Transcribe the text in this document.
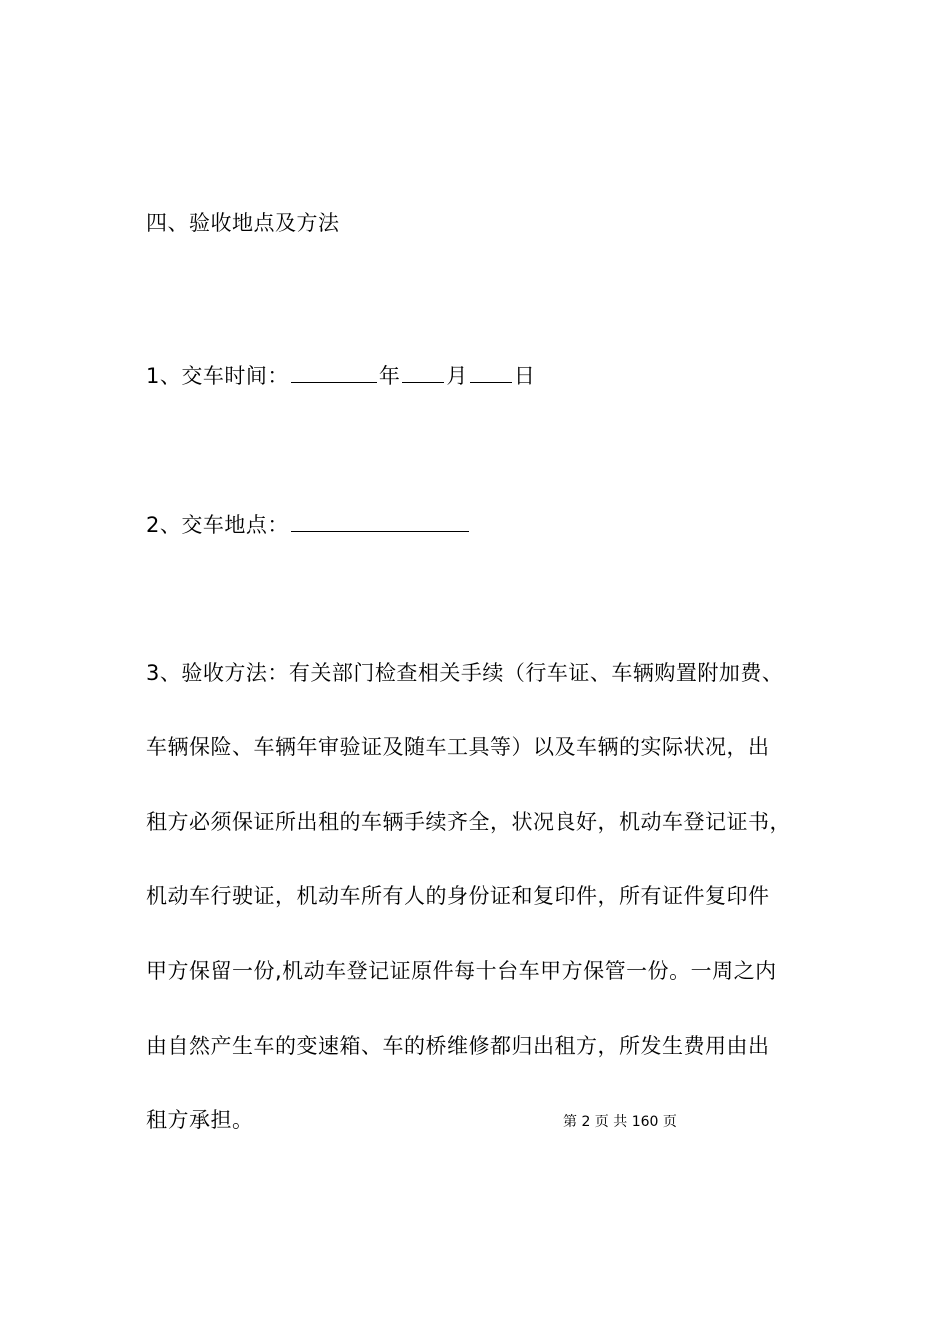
四、验收地点及方法
1、交车时间：	年 月 日
2、交车地点：
3、验收方法：有关部门检查相关手续（行车证、车辆购置附加费、
车辆保险、车辆年审验证及随车工具等）以及车辆的实际状况，出
租方必须保证所出租的车辆手续齐全，状况良好，机动车登记证书，
机动车行驶证，机动车所有人的身份证和复印件，所有证件复印件
甲方保留一份,机动车登记证原件每十台车甲方保管一份。一周之内
由自然产生车的变速箱、车的桥维修都归出租方，所发生费用由出
租方承担。	第 2 页 共 160 页
